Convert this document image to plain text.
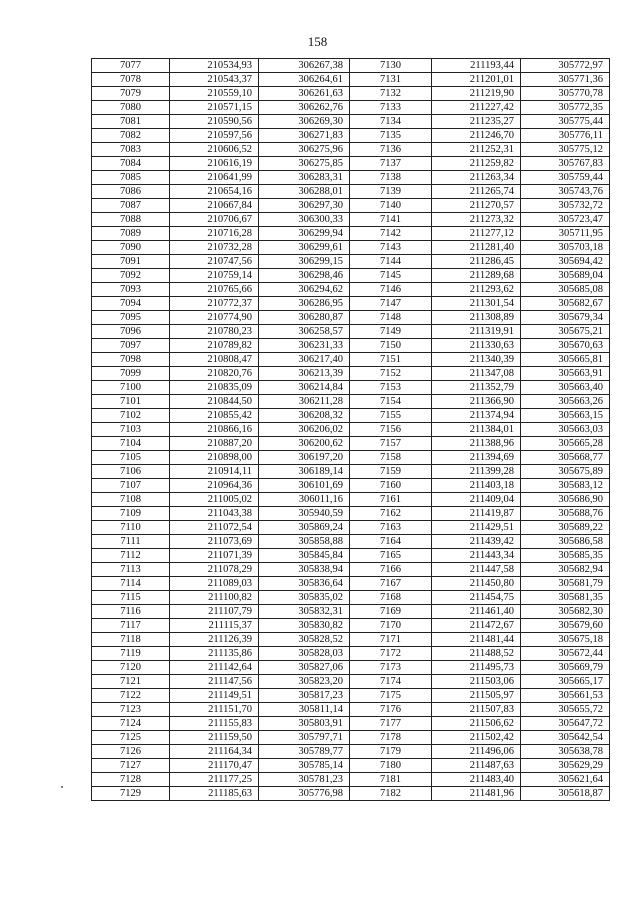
158
7077	210534,93	306267,38	7130	211193,44	305772,97
7078	210543,37	306264,61	7131	211201,01	305771,36
7079	210559,10	306261,63	7132	211219,90	305770,78
7080	210571,15	306262,76	7133	211227,42	305772,35
7081	210590,56	306269,30	7134	211235,27	305775,44
7082	210597,56	306271,83	7135	211246,70	305776,11
7083	210606,52	306275,96	7136	211252,31	305775,12
7084	210616,19	306275,85	7137	211259,82	305767,83
7085	210641,99	306283,31	7138	211263,34	305759,44
7086	210654,16	306288,01	7139	211265,74	305743,76
7087	210667,84	306297,30	7140	211270,57	305732,72
7088	210706,67	306300,33	7141	211273,32	305723,47
7089	210716,28	306299,94	7142	211277,12	305711,95
7090	210732,28	306299,61	7143	211281,40	305703,18
7091	210747,56	306299,15	7144	211286,45	305694,42
7092	210759,14	306298,46	7145	211289,68	305689,04
7093	210765,66	306294,62	7146	211293,62	305685,08
7094	210772,37	306286,95	7147	211301,54	305682,67
7095	210774,90	306280,87	7148	211308,89	305679,34
7096	210780,23	306258,57	7149	211319,91	305675,21
7097	210789,82	306231,33	7150	211330,63	305670,63
7098	210808,47	306217,40	7151	211340,39	305665,81
7099	210820,76	306213,39	7152	211347,08	305663,91
7100	210835,09	306214,84	7153	211352,79	305663,40
7101	210844,50	306211,28	7154	211366,90	305663,26
7102	210855,42	306208,32	7155	211374,94	305663,15
7103	210866,16	306206,02	7156	211384,01	305663,03
7104	210887,20	306200,62	7157	211388,96	305665,28
7105	210898,00	306197,20	7158	211394,69	305668,77
7106	210914,11	306189,14	7159	211399,28	305675,89
7107	210964,36	306101,69	7160	211403,18	305683,12
7108	211005,02	306011,16	7161	211409,04	305686,90
7109	211043,38	305940,59	7162	211419,87	305688,76
7110	211072,54	305869,24	7163	211429,51	305689,22
7111	211073,69	305858,88	7164	211439,42	305686,58
7112	211071,39	305845,84	7165	211443,34	305685,35
7113	211078,29	305838,94	7166	211447,58	305682,94
7114	211089,03	305836,64	7167	211450,80	305681,79
7115	211100,82	305835,02	7168	211454,75	305681,35
7116	211107,79	305832,31	7169	211461,40	305682,30
7117	211115,37	305830,82	7170	211472,67	305679,60
7118	211126,39	305828,52	7171	211481,44	305675,18
7119	211135,86	305828,03	7172	211488,52	305672,44
7120	211142,64	305827,06	7173	211495,73	305669,79
7121	211147,56	305823,20	7174	211503,06	305665,17
7122	211149,51	305817,23	7175	211505,97	305661,53
7123	211151,70	305811,14	7176	211507,83	305655,72
7124	211155,83	305803,91	7177	211506,62	305647,72
7125	211159,50	305797,71	7178	211502,42	305642,54
7126	211164,34	305789,77	7179	211496,06	305638,78
7127	211170,47	305785,14	7180	211487,63	305629,29
7128	211177,25	305781,23	7181	211483,40	305621,64
7129	211185,63	305776,98	7182	211481,96	305618,87
